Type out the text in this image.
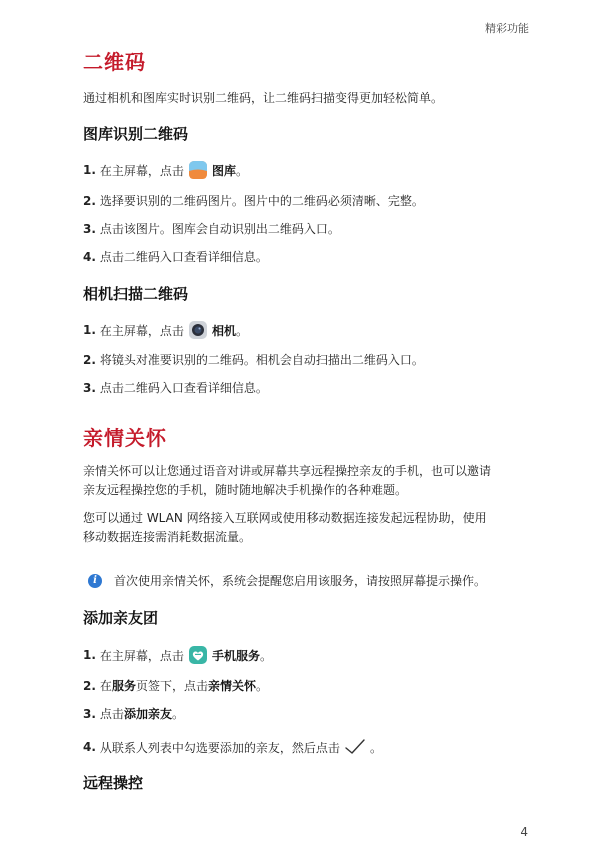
精彩功能
二维码
通过相机和图库实时识别二维码，让二维码扫描变得更加轻松简单。
图库识别二维码
1. 在主屏幕，点击 图库 。
2. 选择要识别的二维码图片。图片中的二维码必须清晰、完整。
3. 点击该图片。图库会自动识别出二维码入口。
4. 点击二维码入口查看详细信息。
相机扫描二维码
1. 在主屏幕，点击 相机 。
2. 将镜头对准要识别的二维码。相机会自动扫描出二维码入口。
3. 点击二维码入口查看详细信息。
亲情关怀
亲情关怀可以让您通过语音对讲或屏幕共享远程操控亲友的手机，也可以邀请
亲友远程操控您的手机，随时随地解决手机操作的各种难题。
您可以通过 WLAN 网络接入互联网或使用移动数据连接发起远程协助，使用
移动数据连接需消耗数据流量。
i	首次使用亲情关怀，系统会提醒您启用该服务，请按照屏幕提示操作。
添加亲友团
1. 在主屏幕，点击 手机服务 。
2. 在 服务 页签下，点击 亲情关怀 。
3. 点击 添加亲友 。
4. 从联系人列表中勾选要添加的亲友，然后点击	。
远程操控
4
